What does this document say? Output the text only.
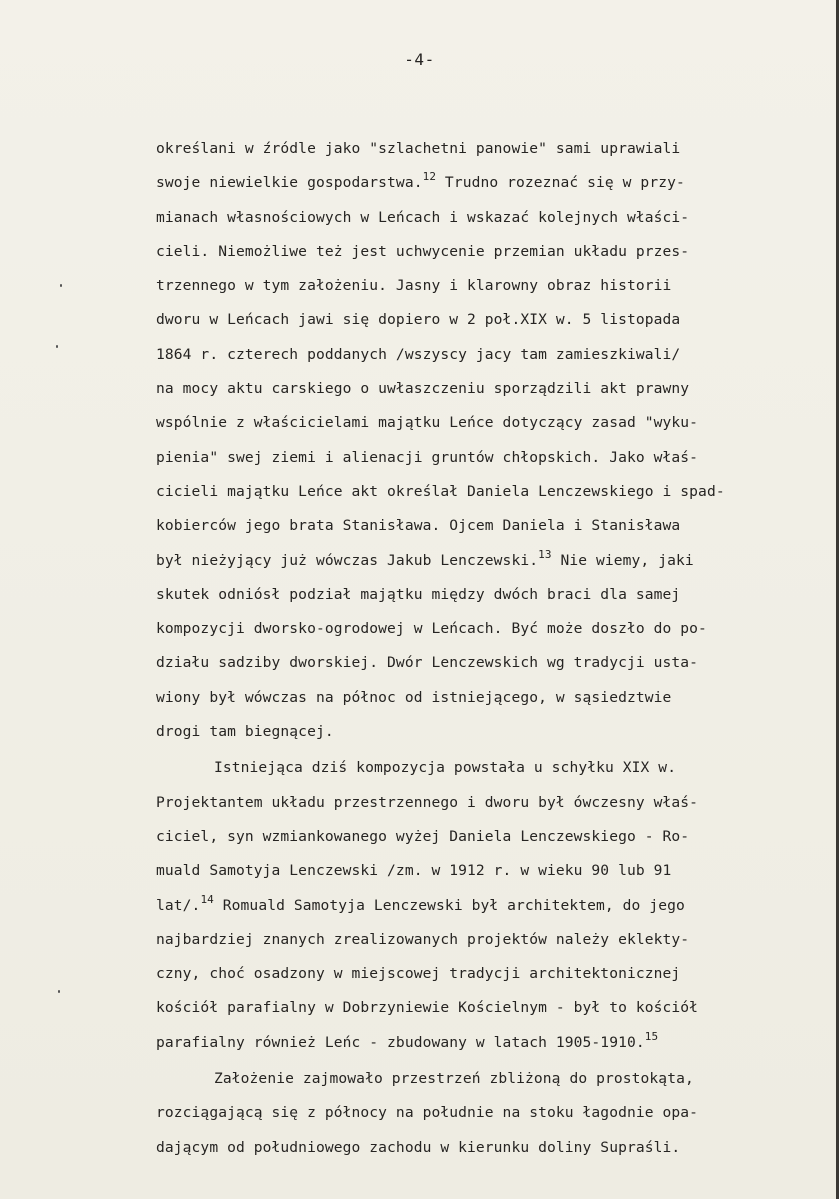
-4-
określani w źródle jako "szlachetni panowie" sami uprawiali
swoje niewielkie gospodarstwa.$^{12}$ Trudno rozeznać się w przy-
mianach własnościowych w Leńcach i wskazać kolejnych właści-
cieli. Niemożliwe też jest uchwycenie przemian układu przes-
trzennego w tym założeniu. Jasny i klarowny obraz historii
dworu w Leńcach jawi się dopiero w 2 poł.XIX w. 5 listopada
1864 r. czterech poddanych /wszyscy jacy tam zamieszkiwali/
na mocy aktu carskiego o uwłaszczeniu sporządzili akt prawny
wspólnie z właścicielami majątku Leńce dotyczący zasad "wyku-
pienia" swej ziemi i alienacji gruntów chłopskich. Jako właś-
cicieli majątku Leńce akt określał Daniela Lenczewskiego i spad-
kobierców jego brata Stanisława. Ojcem Daniela i Stanisława
był nieżyjący już wówczas Jakub Lenczewski.$^{13}$ Nie wiemy, jaki
skutek odniósł podział majątku między dwóch braci dla samej
kompozycji dworsko-ogrodowej w Leńcach. Być może doszło do po-
działu sadziby dworskiej. Dwór Lenczewskich wg tradycji usta-
wiony był wówczas na północ od istniejącego, w sąsiedztwie
drogi tam biegnącej.
Istniejąca dziś kompozycja powstała u schyłku XIX w.
Projektantem układu przestrzennego i dworu był ówczesny właś-
ciciel, syn wzmiankowanego wyżej Daniela Lenczewskiego - Ro-
muald Samotyja Lenczewski /zm. w 1912 r. w wieku 90 lub 91
lat/.$^{14}$ Romuald Samotyja Lenczewski był architektem, do jego
najbardziej znanych zrealizowanych projektów należy eklekty-
czny, choć osadzony w miejscowej tradycji architektonicznej
kościół parafialny w Dobrzyniewie Kościelnym - był to kościół
parafialny również Leńc - zbudowany w latach 1905-1910.15
Założenie zajmowało przestrzeń zbliżoną do prostokąta,
rozciągającą się z północy na południe na stoku łagodnie opa-
dającym od południowego zachodu w kierunku doliny Supraśli.
